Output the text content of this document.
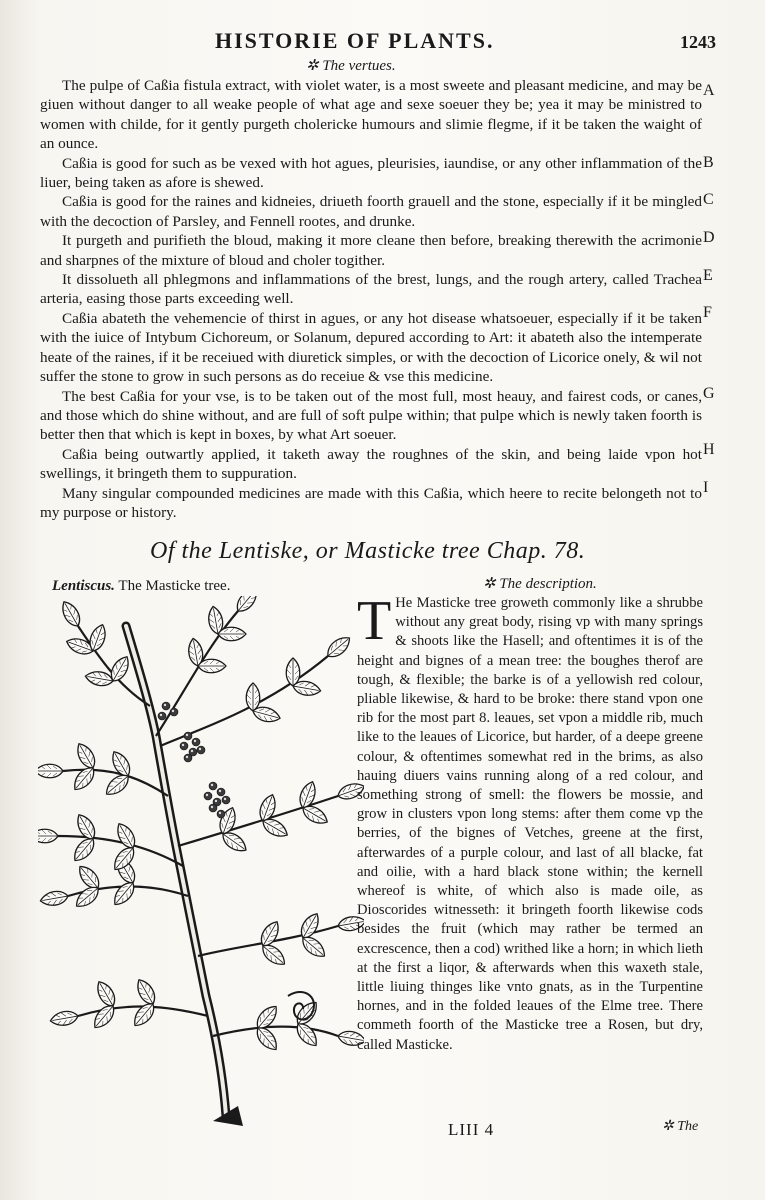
HISTORIE OF PLANTS.	1243
✲ The vertues.

The pulpe of Caßia fistula extract, with violet water, is a most sweete and pleasant medicine, and may be giuen without danger to all weake people of what age and sexe soeuer they be; yea it may be ministred to women with childe, for it gently purgeth cholericke humours and slimie flegme, if it be taken the waight of an ounce.

Caßia is good for such as be vexed with hot agues, pleurisies, iaundise, or any other inflammation of the liuer, being taken as afore is shewed.

Caßia is good for the raines and kidneies, driueth foorth grauell and the stone, especially if it be mingled with the decoction of Parsley, and Fennell rootes, and drunke.

It purgeth and purifieth the bloud, making it more cleane then before, breaking therewith the acrimonie and sharpnes of the mixture of bloud and choler togither.

It dissolueth all phlegmons and inflammations of the brest, lungs, and the rough artery, called Trachea arteria, easing those parts exceeding well.

Caßia abateth the vehemencie of thirst in agues, or any hot disease whatsoeuer, especially if it be taken with the iuice of Intybum Cichoreum, or Solanum, depured according to Art: it abateth also the intemperate heate of the raines, if it be receiued with diuretick simples, or with the decoction of Licorice onely, & wil not suffer the stone to grow in such persons as do receiue & vse this medicine.

The best Caßia for your vse, is to be taken out of the most full, most heauy, and fairest cods, or canes, and those which do shine without, and are full of soft pulpe within; that pulpe which is newly taken foorth is better then that which is kept in boxes, by what Art soeuer.

Caßia being outwartly applied, it taketh away the roughnes of the skin, and being laide vpon hot swellings, it bringeth them to suppuration.

Many singular compounded medicines are made with this Caßia, which heere to recite belongeth not to my purpose or history.

A
B
C
D
E
F
G
H
I
Of the Lentiske, or Masticke tree Chap. 78.
Lentiscus. The Masticke tree.	✲ The description.
T He Masticke tree groweth commonly like a shrubbe without any great body, rising vp with many springs & shoots like the Hasell; and oftentimes it is of the height and bignes of a mean tree: the boughes therof are tough, & flexible; the barke is of a yellowish red colour, pliable likewise, & hard to be broke: there stand vpon one rib for the most part 8. leaues, set vpon a middle rib, much like to the leaues of Licorice, but harder, of a deepe greene colour, & oftentimes somewhat red in the brims, as also hauing diuers vains running along of a red colour, and something strong of smell: the flowers be mossie, and grow in clusters vpon long stems: after them come vp the berries, of the bignes of Vetches, greene at the first, afterwardes of a purple colour, and last of all blacke, fat and oilie, with a hard black stone within; the kernell whereof is white, of which also is made oile, as Dioscorides witnesseth: it bringeth foorth likewise cods besides the fruit (which may rather be termed an excrescence, then a cod) writhed like a horn; in which lieth at the first a liqor, & afterwards when this waxeth stale, little liuing thinges like vnto gnats, as in the Turpentine hornes, and in the folded leaues of the Elme tree. There commeth foorth of the Masticke tree a Rosen, but dry, called Masticke.
LIII 4	✲ The
